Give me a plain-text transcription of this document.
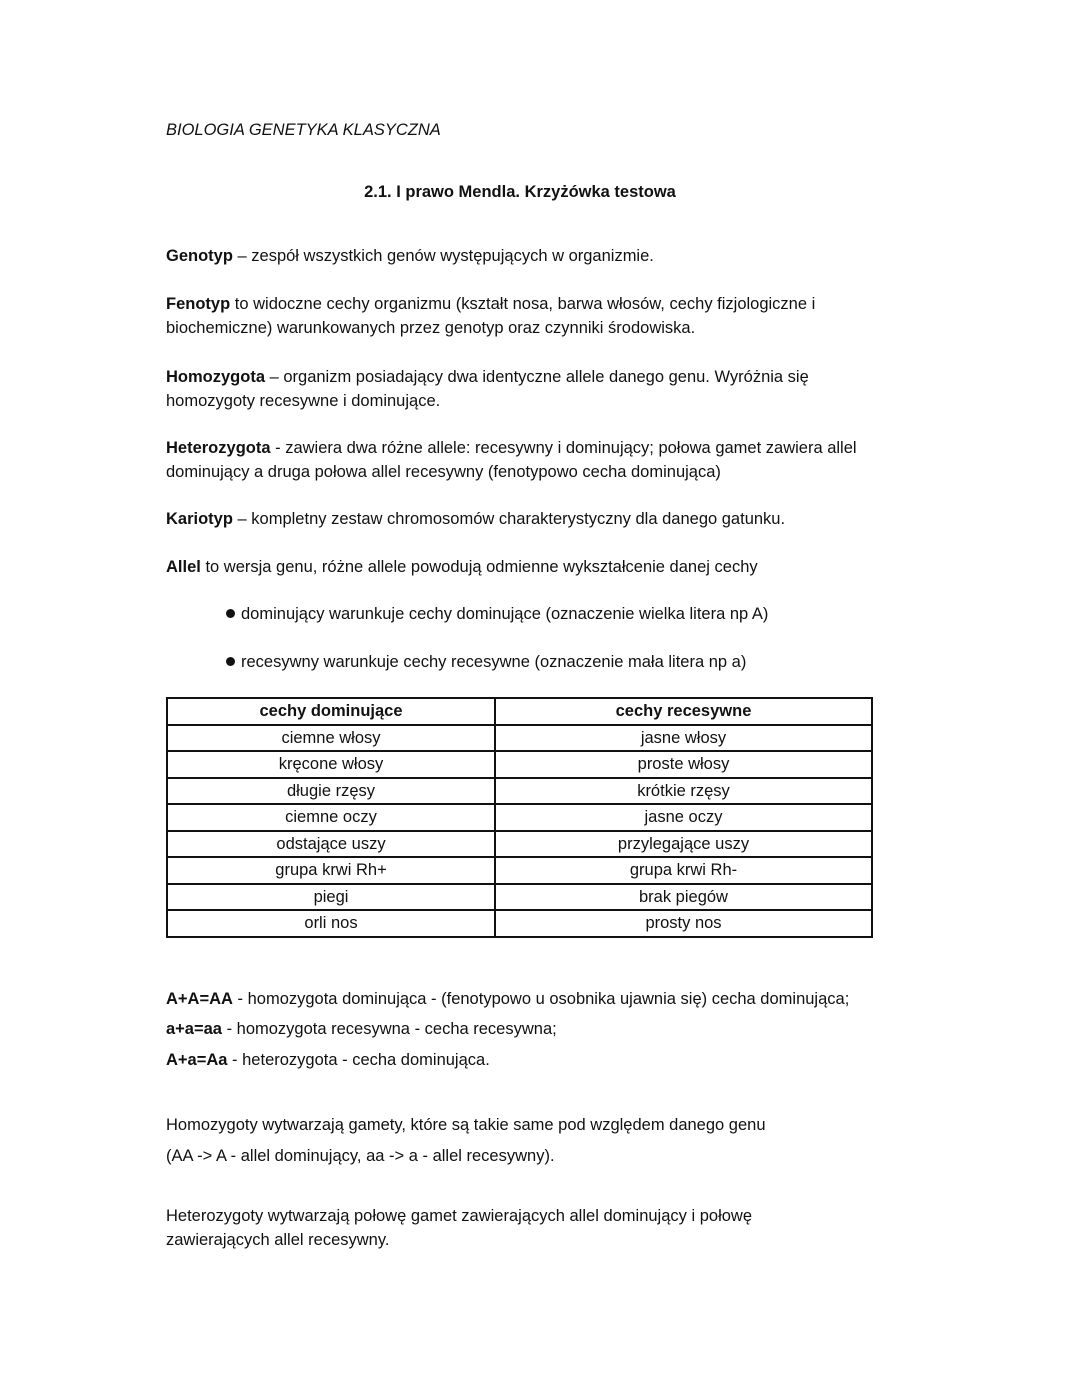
BIOLOGIA GENETYKA KLASYCZNA

2.1. I prawo Mendla. Krzyżówka testowa

Genotyp – zespół wszystkich genów występujących w organizmie.

Fenotyp to widoczne cechy organizmu (kształt nosa, barwa włosów, cechy fizjologiczne i biochemiczne) warunkowanych przez genotyp oraz czynniki środowiska.

Homozygota – organizm posiadający dwa identyczne allele danego genu. Wyróżnia się homozygoty recesywne i dominujące.

Heterozygota - zawiera dwa różne allele: recesywny i dominujący; połowa gamet zawiera allel dominujący a druga połowa allel recesywny (fenotypowo cecha dominująca)

Kariotyp – kompletny zestaw chromosomów charakterystyczny dla danego gatunku.

Allel to wersja genu, różne allele powodują odmienne wykształcenie danej cechy

dominujący warunkuje cechy dominujące (oznaczenie wielka litera np A)

recesywny warunkuje cechy recesywne (oznaczenie mała litera np a)

cechy dominujące	cechy recesywne
ciemne włosy	jasne włosy
kręcone włosy	proste włosy
długie rzęsy	krótkie rzęsy
ciemne oczy	jasne oczy
odstające uszy	przylegające uszy
grupa krwi Rh+	grupa krwi Rh-
piegi	brak piegów
orli nos	prosty nos

A+A=AA - homozygota dominująca - (fenotypowo u osobnika ujawnia się) cecha dominująca;

a+a=aa - homozygota recesywna - cecha recesywna;

A+a=Aa - heterozygota - cecha dominująca.

Homozygoty wytwarzają gamety, które są takie same pod względem danego genu
(AA -> A - allel dominujący, aa -> a - allel recesywny).

Heterozygoty wytwarzają połowę gamet zawierających allel dominujący i połowę
zawierających allel recesywny.
